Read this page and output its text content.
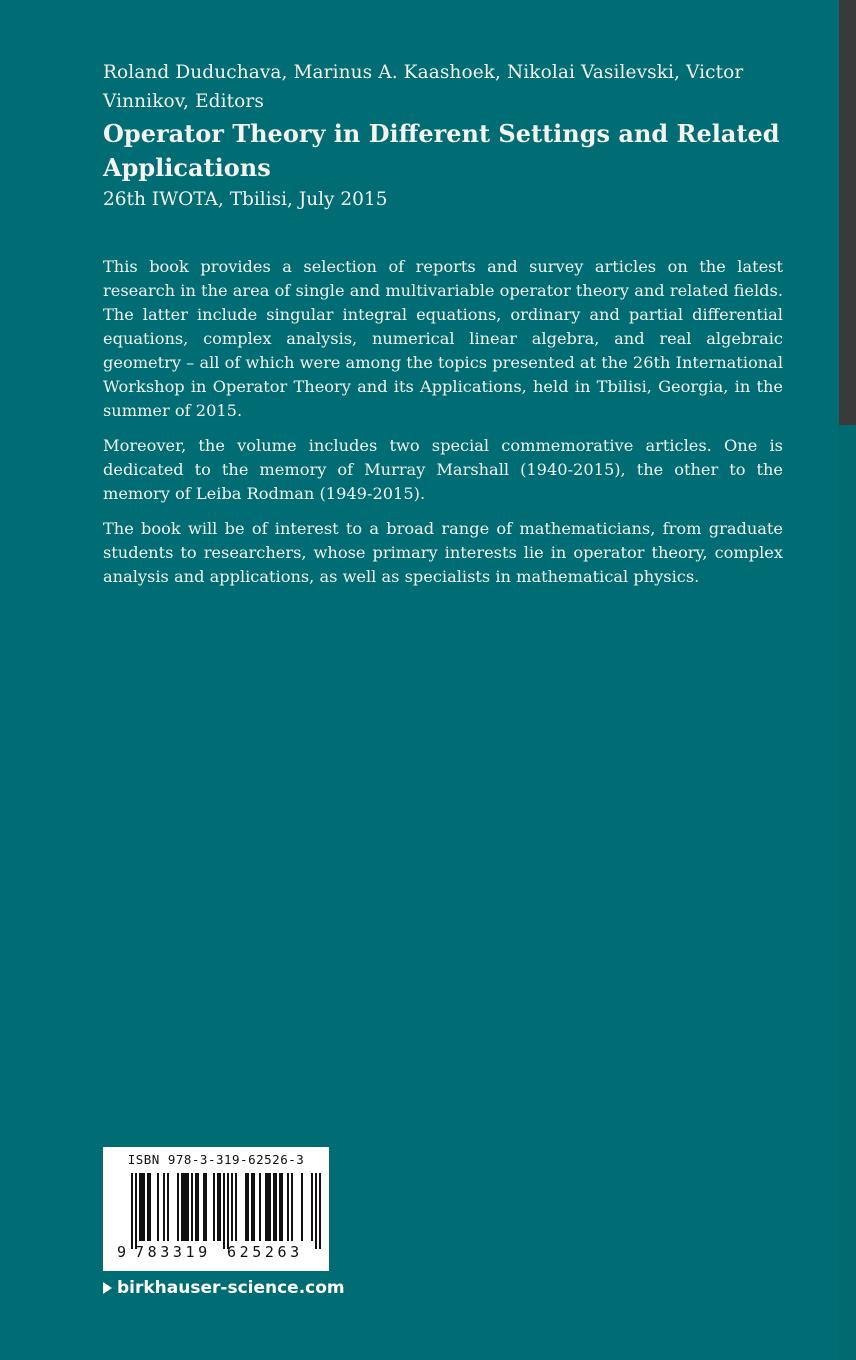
Roland Duduchava, Marinus A. Kaashoek, Nikolai Vasilevski, Victor Vinnikov, Editors
Operator Theory in Different Settings and Related Applications
26th IWOTA, Tbilisi, July 2015

This book provides a selection of reports and survey articles on the latest research in the area of single and multivariable operator theory and related fields. The latter include singular integral equations, ordinary and partial differential equations, complex analysis, numerical linear algebra, and real algebraic geometry – all of which were among the topics presented at the 26th International Workshop in Operator Theory and its Applications, held in Tbilisi, Georgia, in the summer of 2015.

Moreover, the volume includes two special commemorative articles. One is dedicated to the memory of Murray Marshall (1940-2015), the other to the memory of Leiba Rodman (1949-2015).

The book will be of interest to a broad range of mathematicians, from graduate students to researchers, whose primary interests lie in operator theory, complex analysis and applications, as well as specialists in mathematical physics.

ISBN 978-3-319-62526-3
9 783319 625263
birkhauser-science.com
